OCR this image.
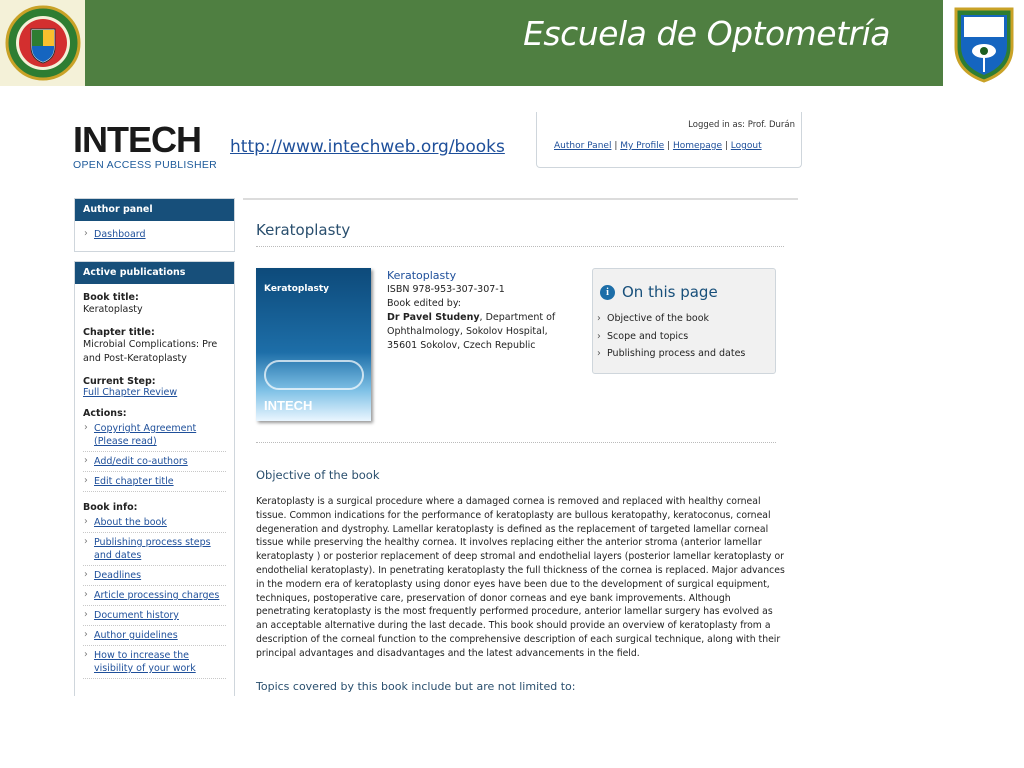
Escuela de Optometría
INTECH
OPEN ACCESS PUBLISHER
http://www.intechweb.org/books
Logged in as: Prof. Durán
Author Panel | My Profile | Homepage | Logout
Author panel
› Dashboard
Active publications
Book title:
Keratoplasty
Chapter title:
Microbial Complications: Pre and Post-Keratoplasty
Current Step:
Full Chapter Review
Actions:
› Copyright Agreement (Please read)
› Add/edit co-authors
› Edit chapter title
Book info:
› About the book
› Publishing process steps and dates
› Deadlines
› Article processing charges
› Document history
› Author guidelines
› How to increase the visibility of your work
Keratoplasty
Keratoplasty
INTECH
Keratoplasty
ISBN 978-953-307-307-1
Book edited by:
Dr Pavel Studeny, Department of Ophthalmology, Sokolov Hospital, 35601 Sokolov, Czech Republic
i On this page
› Objective of the book
› Scope and topics
› Publishing process and dates
Objective of the book
Keratoplasty is a surgical procedure where a damaged cornea is removed and replaced with healthy corneal tissue. Common indications for the performance of keratoplasty are bullous keratopathy, keratoconus, corneal degeneration and dystrophy. Lamellar keratoplasty is defined as the replacement of targeted lamellar corneal tissue while preserving the healthy cornea. It involves replacing either the anterior stroma (anterior lamellar keratoplasty ) or posterior replacement of deep stromal and endothelial layers (posterior lamellar keratoplasty or endothelial keratoplasty). In penetrating keratoplasty the full thickness of the cornea is replaced. Major advances in the modern era of keratoplasty using donor eyes have been due to the development of surgical equipment, techniques, postoperative care, preservation of donor corneas and eye bank improvements. Although penetrating keratoplasty is the most frequently performed procedure, anterior lamellar surgery has evolved as an acceptable alternative during the last decade. This book should provide an overview of keratoplasty from a description of the corneal function to the comprehensive description of each surgical technique, along with their principal advantages and disadvantages and the latest advancements in the field.
Topics covered by this book include but are not limited to:
